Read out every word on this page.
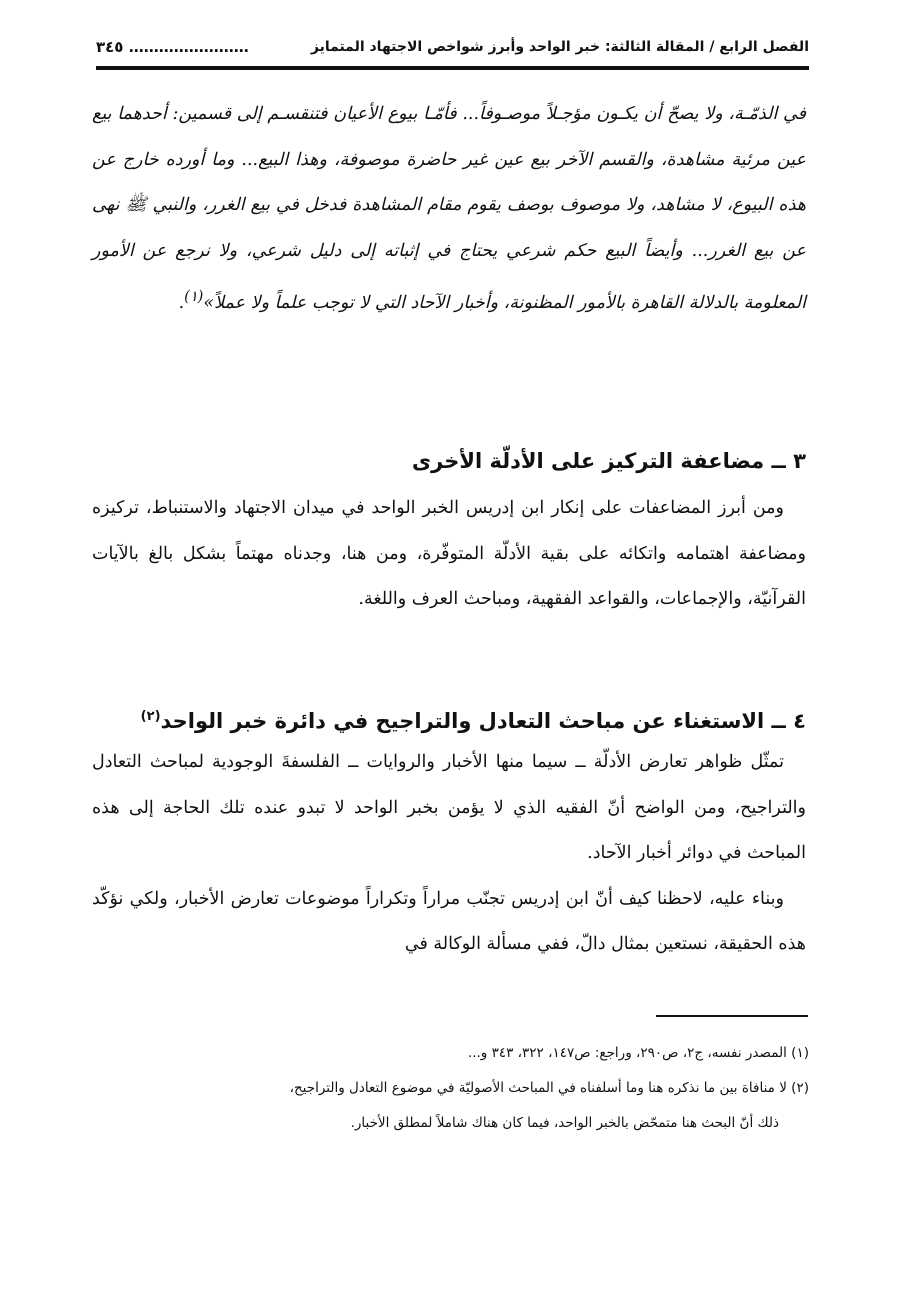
الفصل الرابع / المقالة الثالثة: خبر الواحد وأبرز شواخص الاجتهاد المتمايز
…………………… ٣٤٥

في الذمّـة، ولا يصحّ أن يكـون مؤجـلاً موصـوفاً... فأمّـا بيوع الأعيان فتنقسـم إلى قسمين: أحدهما بيع عين مرئية مشاهدة، والقسم الآخر بيع عين غير حاضرة موصوفة، وهذا البيع... وما أورده خارج عن هذه البيوع، لا مشاهد، ولا موصوف بوصف يقوم مقام المشاهدة فدخل في بيع الغرر، والنبي ﷺ نهى عن بيع الغرر... وأيضاً البيع حكم شرعي يحتاج في إثباته إلى دليل شرعي، ولا نرجع عن الأمور المعلومة بالدلالة القاهرة بالأمور المظنونة، وأخبار الآحاد التي لا توجب علماً ولا عملاً»$^{(١)}$.

٣ ــ مضاعفة التركيز على الأدلّة الأخرى

ومن أبرز المضاعفات على إنكار ابن إدريس الخبر الواحد في ميدان الاجتهاد والاستنباط، تركيزه ومضاعفة اهتمامه واتكائه على بقية الأدلّة المتوفّرة، ومن هنا، وجدناه مهتماً بشكل بالغ بالآيات القرآنيّة، والإجماعات، والقواعد الفقهية، ومباحث العرف واللغة.

٤ ــ الاستغناء عن مباحث التعادل والتراجيح في دائرة خبر الواحد$^{(٢)}$

تمثّل ظواهر تعارض الأدلّة ــ سيما منها الأخبار والروايات ــ الفلسفةَ الوجودية لمباحث التعادل والتراجيح، ومن الواضح أنّ الفقيه الذي لا يؤمن بخبر الواحد لا تبدو عنده تلك الحاجة إلى هذه المباحث في دوائر أخبار الآحاد.

وبناء عليه، لاحظنا كيف أنّ ابن إدريس تجنّب مراراً وتكراراً موضوعات تعارض الأخبار، ولكي نؤكّد هذه الحقيقة، نستعين بمثال دالّ، ففي مسألة الوكالة في

(١) المصدر نفسه، ج٢، ص٢٩٠، وراجع: ص١٤٧، ٣٢٢، ٣٤٣ و...

(٢) لا منافاة بين ما نذكره هنا وما أسلفناه في المباحث الأصوليّة في موضوع التعادل والتراجيح،

ذلك أنّ البحث هنا متمحّض بالخبر الواحد، فيما كان هناك شاملاً لمطلق الأخبار.
